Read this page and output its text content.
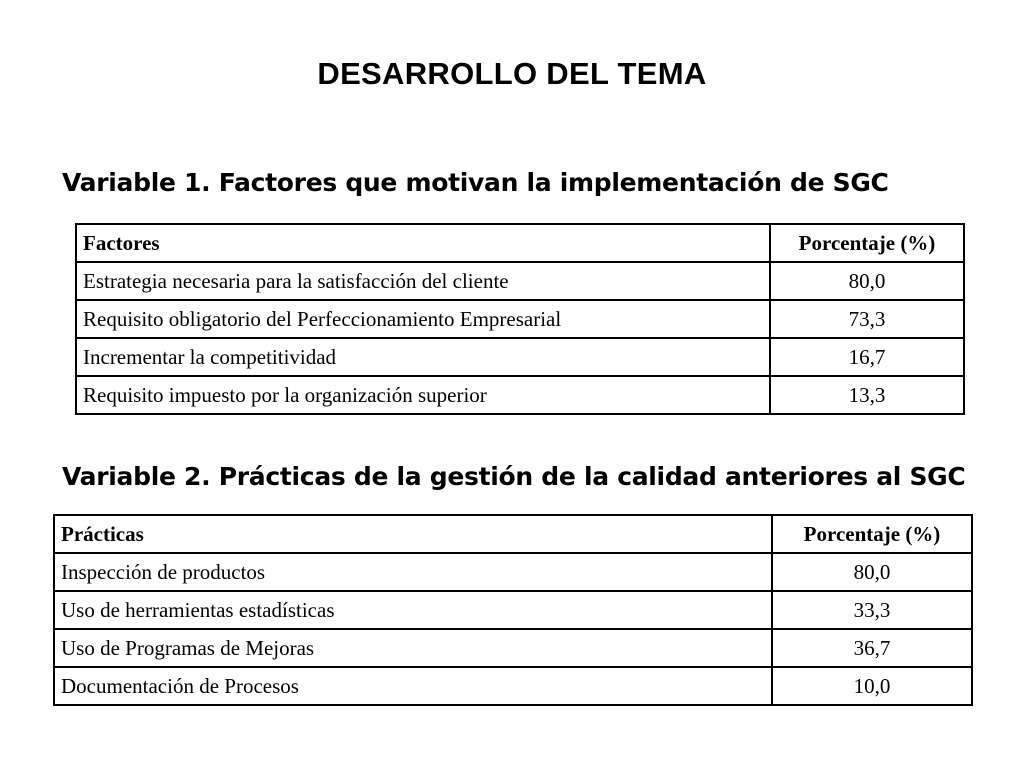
DESARROLLO DEL TEMA
Variable 1. Factores que motivan la implementación de SGC
Factores	Porcentaje (%)
Estrategia necesaria para la satisfacción del cliente	80,0
Requisito obligatorio del Perfeccionamiento Empresarial	73,3
Incrementar la competitividad	16,7
Requisito impuesto por la organización superior	13,3
Variable 2. Prácticas de la gestión de la calidad anteriores al SGC
Prácticas	Porcentaje (%)
Inspección de productos	80,0
Uso de herramientas estadísticas	33,3
Uso de Programas de Mejoras	36,7
Documentación de Procesos	10,0
